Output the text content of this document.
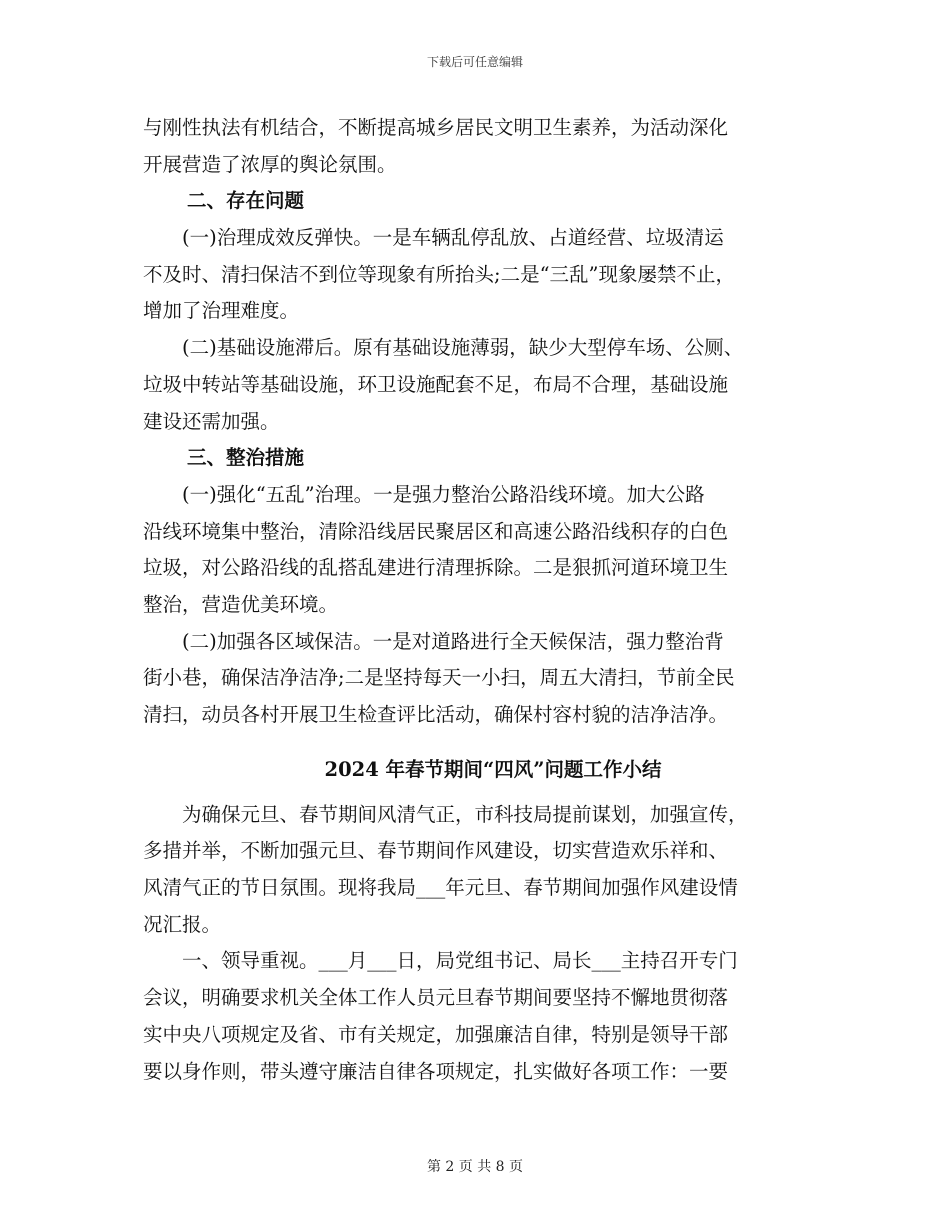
下载后可任意编辑
与刚性执法有机结合，不断提高城乡居民文明卫生素养，为活动深化
开展营造了浓厚的舆论氛围。
二、存在问题
(一)治理成效反弹快。一是车辆乱停乱放、占道经营、垃圾清运
不及时、清扫保洁不到位等现象有所抬头;二是“三乱”现象屡禁不止，
增加了治理难度。
(二)基础设施滞后。原有基础设施薄弱，缺少大型停车场、公厕、
垃圾中转站等基础设施，环卫设施配套不足，布局不合理，基础设施
建设还需加强。
三、整治措施
(一)强化“五乱”治理。一是强力整治公路沿线环境。加大公路
沿线环境集中整治，清除沿线居民聚居区和高速公路沿线积存的白色
垃圾，对公路沿线的乱搭乱建进行清理拆除。二是狠抓河道环境卫生
整治，营造优美环境。
(二)加强各区域保洁。一是对道路进行全天候保洁，强力整治背
街小巷，确保洁净洁净;二是坚持每天一小扫，周五大清扫，节前全民
清扫，动员各村开展卫生检查评比活动，确保村容村貌的洁净洁净。
2024 年春节期间“四风”问题工作小结
为确保元旦、春节期间风清气正，市科技局提前谋划，加强宣传，
多措并举，不断加强元旦、春节期间作风建设，切实营造欢乐祥和、
风清气正的节日氛围。现将我局___年元旦、春节期间加强作风建设情
况汇报。
一、领导重视。___月___日，局党组书记、局长___主持召开专门
会议，明确要求机关全体工作人员元旦春节期间要坚持不懈地贯彻落
实中央八项规定及省、市有关规定，加强廉洁自律，特别是领导干部
要以身作则，带头遵守廉洁自律各项规定，扎实做好各项工作：一要
第 2 页 共 8 页
